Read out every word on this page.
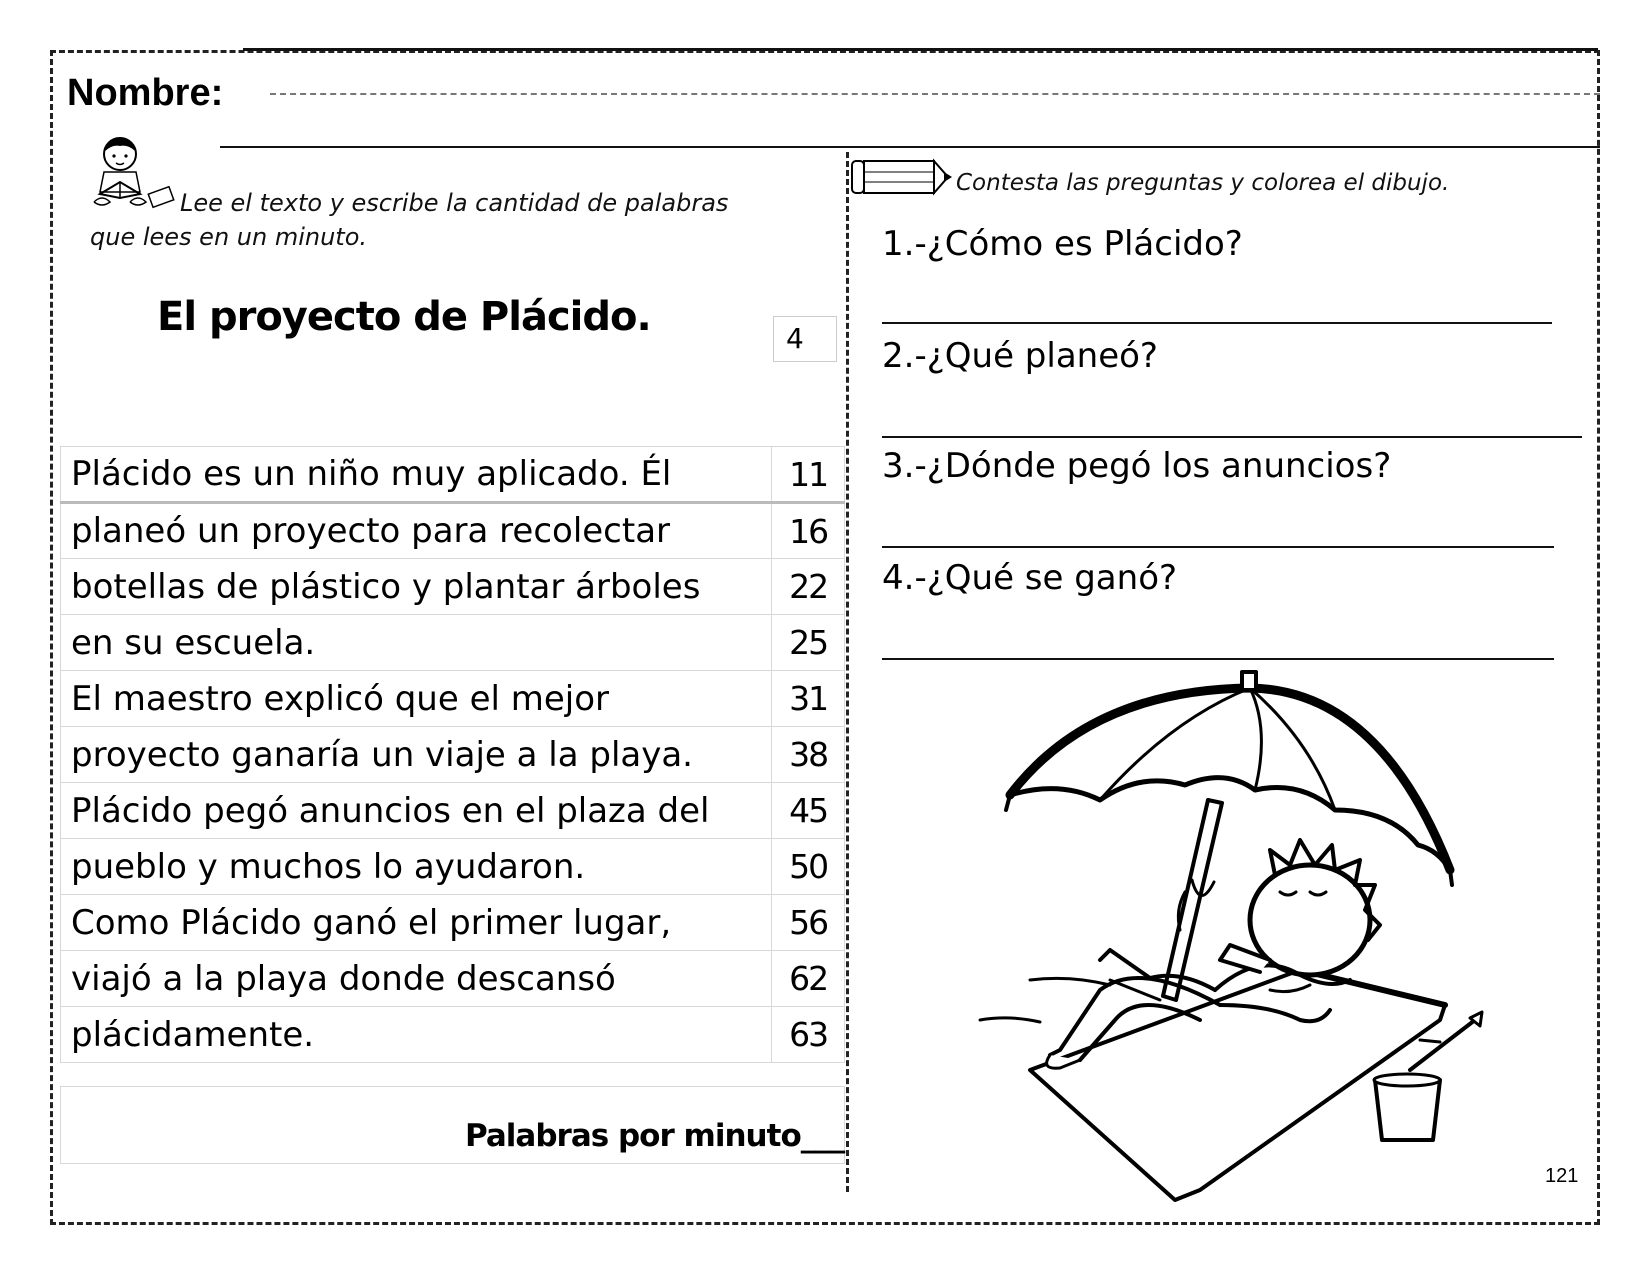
Nombre:
Lee el texto y escribe la cantidad de palabras
que lees en un minuto.
El proyecto de Plácido.	4
Plácido es un niño muy aplicado. Él	11
planeó un proyecto para recolectar	16
botellas de plástico y plantar árboles	22
en su escuela.	25
El maestro explicó que el mejor	31
proyecto ganaría un viaje a la playa.	38
Plácido pegó anuncios en el plaza del	45
pueblo y muchos lo ayudaron.	50
Como Plácido ganó el primer lugar,	56
viajó a la playa donde descansó	62
plácidamente.	63
Palabras por minuto___
Contesta las preguntas y colorea el dibujo.
1.-¿Cómo es Plácido?
2.-¿Qué planeó?
3.-¿Dónde pegó los anuncios?
4.-¿Qué se ganó?
121
